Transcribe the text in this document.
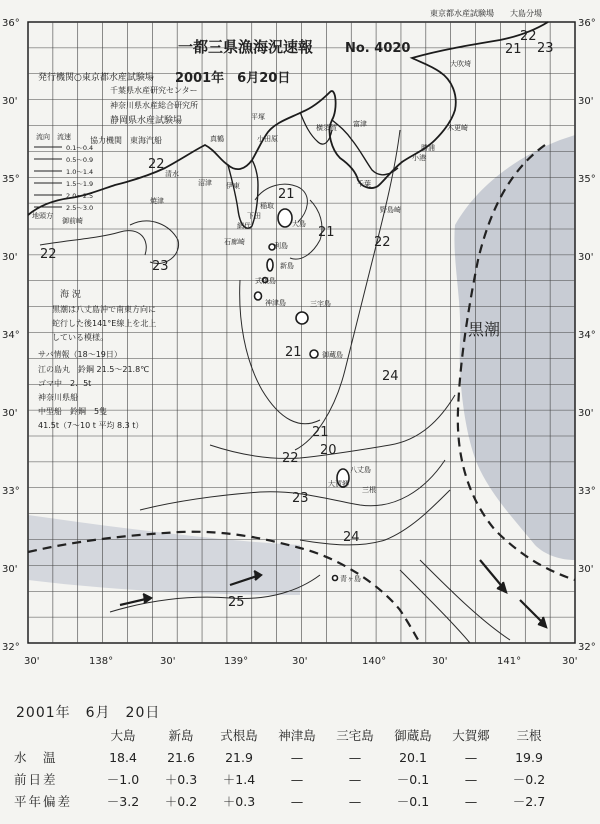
36°
30'
35°
30'
34°
30'
33°
30'
32°
36°
30'
35°
30'
34°
30'
33°
30'
32°
30'	138°	30'	139°	30'	140°	30'	141°	30'
東京都水産試験場　　大島分場
一都三県漁海況速報 No. 4020
2001年　6月20日
発行機関○東京都水産試験場
千葉県水産研究センター
神奈川県水産総合研究所
静岡県水産試験場
協力機関　東海汽船
流向　流速
0.1～0.4
0.5～0.9
1.0～1.4
1.5～1.9
2.0～2.5
2.5～3.0
海 況
黒潮は八丈島沖で南東方向に
蛇行した後141°E線上を北上
している模様。
サバ情報（18～19日）
江の島丸　鈴鋼 21.5～21.8℃
ゴマ中　2．5t
神奈川県船
中型船　鈴鋼　5隻
41.5t（7～10 t 平均 8.3 t）
黒潮
21
22
23
21
21
22
22
21
24
21
20
22
23
24
25
22
23
大吹埼
木更崎
小港
勝浦
野島崎
千葉
富津
横須賀
平塚
小田原
真鶴
伊東
沼津
清水
焼津
御前崎
地頭方
石廊崎
下田
稲取
網代	大島
利島
新島
式根島
神津島	三宅島
御蔵島
八丈島
青ヶ島
大賀郷
三根
2001年　6月　20日
	大島	新島	式根島	神津島	三宅島	御蔵島	大賀郷	三根
水　温	18.4	21.6	21.9	—	—	20.1	—	19.9
前日差	－1.0	＋0.3	＋1.4	—	—	－0.1	—	－0.2
平年偏差	－3.2	＋0.2	＋0.3	—	—	－0.1	—	－2.7
